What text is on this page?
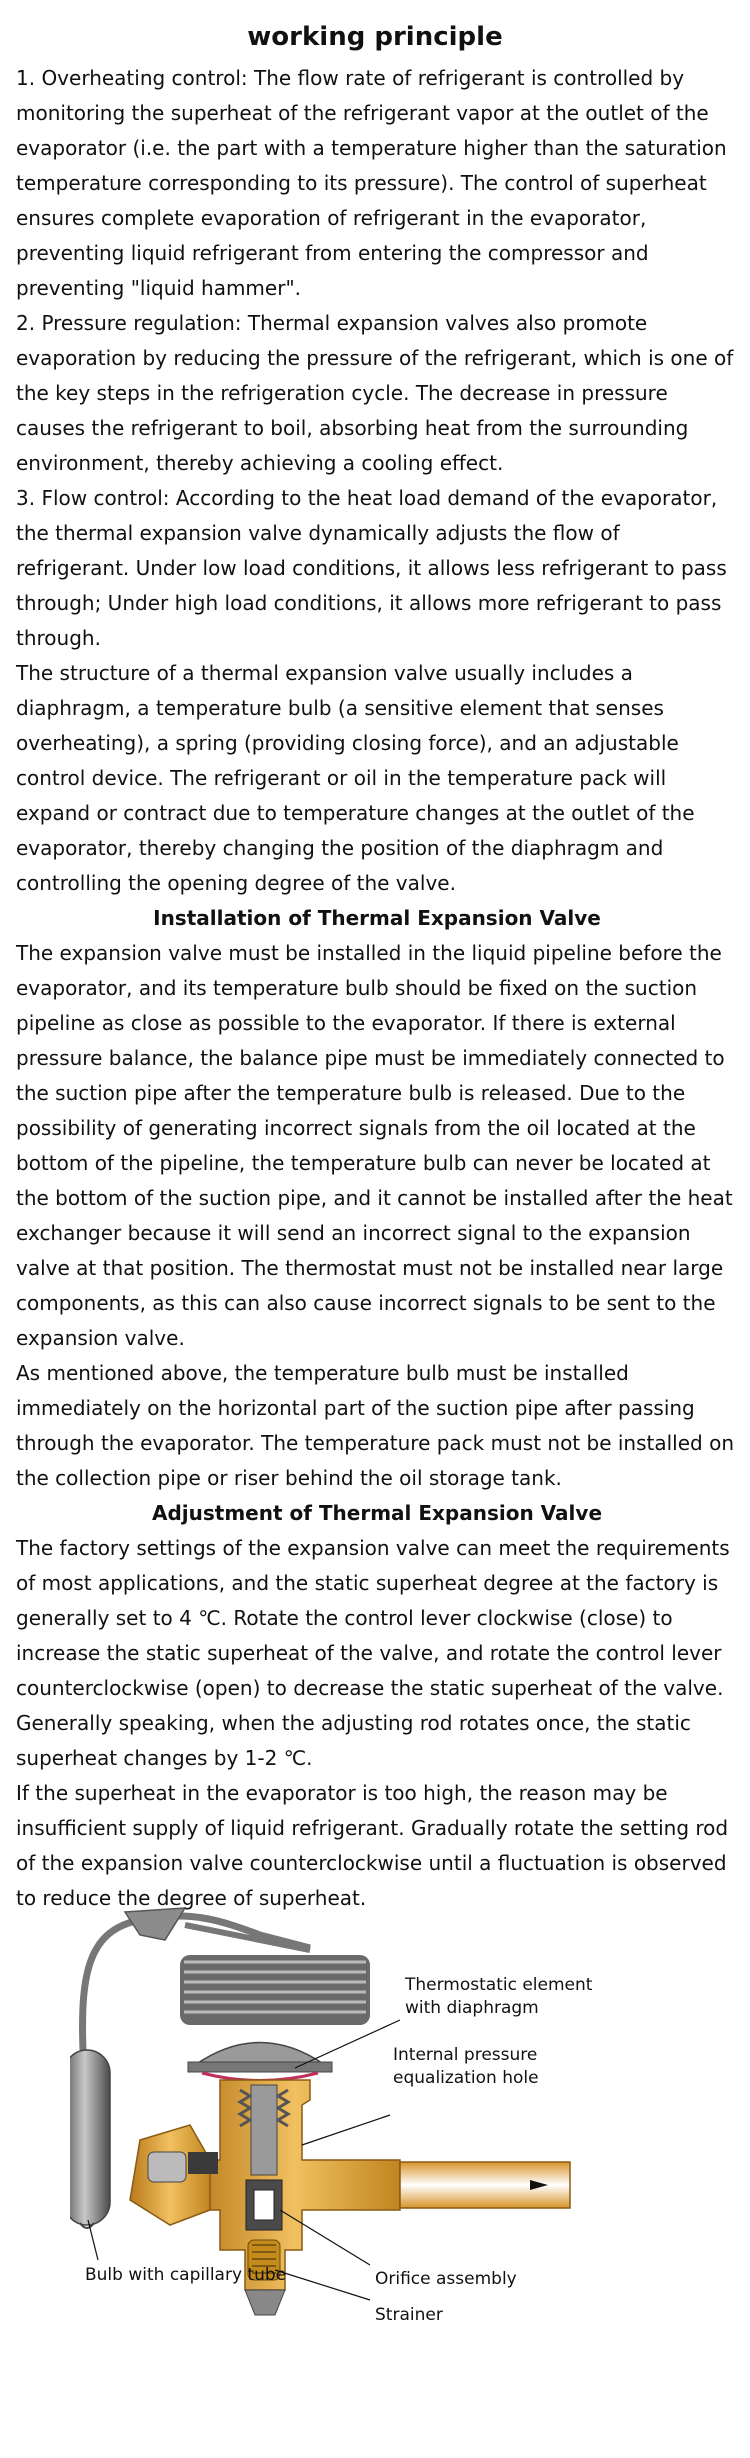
working principle

1. Overheating control: The flow rate of refrigerant is controlled by monitoring the superheat of the refrigerant vapor at the outlet of the evaporator (i.e. the part with a temperature higher than the saturation temperature corresponding to its pressure). The control of superheat ensures complete evaporation of refrigerant in the evaporator, preventing liquid refrigerant from entering the compressor and preventing "liquid hammer".

2. Pressure regulation: Thermal expansion valves also promote evaporation by reducing the pressure of the refrigerant, which is one of the key steps in the refrigeration cycle. The decrease in pressure causes the refrigerant to boil, absorbing heat from the surrounding environment, thereby achieving a cooling effect.

3. Flow control: According to the heat load demand of the evaporator, the thermal expansion valve dynamically adjusts the flow of refrigerant. Under low load conditions, it allows less refrigerant to pass through; Under high load conditions, it allows more refrigerant to pass through.

The structure of a thermal expansion valve usually includes a diaphragm, a temperature bulb (a sensitive element that senses overheating), a spring (providing closing force), and an adjustable control device. The refrigerant or oil in the temperature pack will expand or contract due to temperature changes at the outlet of the evaporator, thereby changing the position of the diaphragm and controlling the opening degree of the valve.

Installation of Thermal Expansion Valve

The expansion valve must be installed in the liquid pipeline before the evaporator, and its temperature bulb should be fixed on the suction pipeline as close as possible to the evaporator. If there is external pressure balance, the balance pipe must be immediately connected to the suction pipe after the temperature bulb is released. Due to the possibility of generating incorrect signals from the oil located at the bottom of the pipeline, the temperature bulb can never be located at the bottom of the suction pipe, and it cannot be installed after the heat exchanger because it will send an incorrect signal to the expansion valve at that position. The thermostat must not be installed near large components, as this can also cause incorrect signals to be sent to the expansion valve.

As mentioned above, the temperature bulb must be installed immediately on the horizontal part of the suction pipe after passing through the evaporator. The temperature pack must not be installed on the collection pipe or riser behind the oil storage tank.

Adjustment of Thermal Expansion Valve

The factory settings of the expansion valve can meet the requirements of most applications, and the static superheat degree at the factory is generally set to 4 ℃. Rotate the control lever clockwise (close) to increase the static superheat of the valve, and rotate the control lever counterclockwise (open) to decrease the static superheat of the valve. Generally speaking, when the adjusting rod rotates once, the static superheat changes by 1-2 ℃.

If the superheat in the evaporator is too high, the reason may be insufficient supply of liquid refrigerant. Gradually rotate the setting rod of the expansion valve counterclockwise until a fluctuation is observed to reduce the degree of superheat.

Thermostatic element
with diaphragm
Internal pressure
equalization hole
Bulb with capillary tube	Orifice assembly
Strainer
